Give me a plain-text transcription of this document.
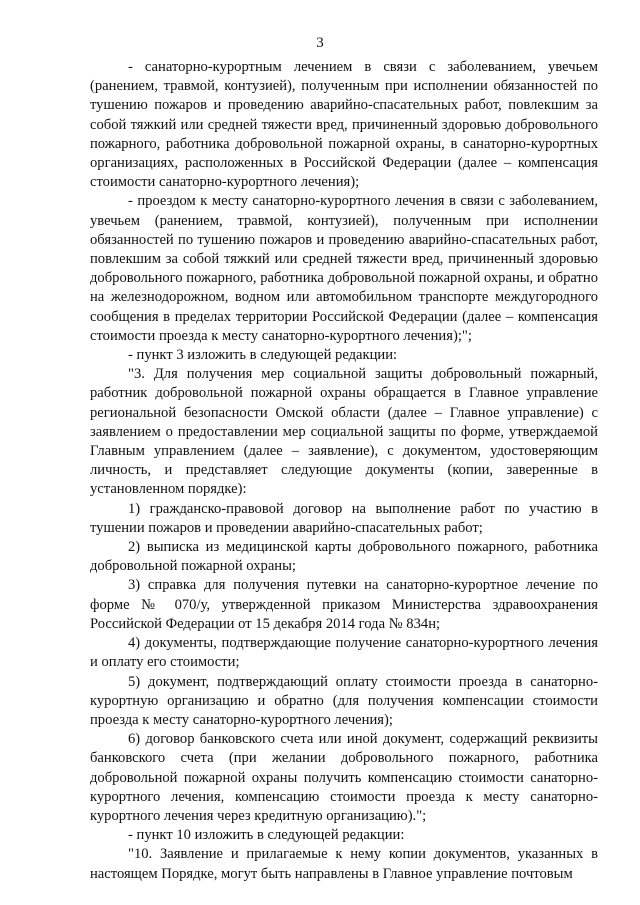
3

- санаторно-курортным лечением в связи с заболеванием, увечьем (ранением, травмой, контузией), полученным при исполнении обязанностей по тушению пожаров и проведению аварийно-спасательных работ, повлекшим за собой тяжкий или средней тяжести вред, причиненный здоровью добровольного пожарного, работника добровольной пожарной охраны, в санаторно-курортных организациях, расположенных в Российской Федерации (далее – компенсация стоимости санаторно-курортного лечения);

- проездом к месту санаторно-курортного лечения в связи с заболеванием, увечьем (ранением, травмой, контузией), полученным при исполнении обязанностей по тушению пожаров и проведению аварийно-спасательных работ, повлекшим за собой тяжкий или средней тяжести вред, причиненный здоровью добровольного пожарного, работника добровольной пожарной охраны, и обратно на железнодорожном, водном или автомобильном транспорте междугородного сообщения в пределах территории Российской Федерации (далее – компенсация стоимости проезда к месту санаторно-курортного лечения);";

- пункт 3 изложить в следующей редакции:

"3. Для получения мер социальной защиты добровольный пожарный, работник добровольной пожарной охраны обращается в Главное управление региональной безопасности Омской области (далее – Главное управление) с заявлением о предоставлении мер социальной защиты по форме, утверждаемой Главным управлением (далее – заявление), с документом, удостоверяющим личность, и представляет следующие документы (копии, заверенные в установленном порядке):

1) гражданско-правовой договор на выполнение работ по участию в тушении пожаров и проведении аварийно-спасательных работ;

2) выписка из медицинской карты добровольного пожарного, работника добровольной пожарной охраны;

3) справка для получения путевки на санаторно-курортное лечение по форме № 070/у, утвержденной приказом Министерства здравоохранения Российской Федерации от 15 декабря 2014 года № 834н;

4) документы, подтверждающие получение санаторно-курортного лечения и оплату его стоимости;

5) документ, подтверждающий оплату стоимости проезда в санаторно-курортную организацию и обратно (для получения компенсации стоимости проезда к месту санаторно-курортного лечения);

6) договор банковского счета или иной документ, содержащий реквизиты банковского счета (при желании добровольного пожарного, работника добровольной пожарной охраны получить компенсацию стоимости санаторно-курортного лечения, компенсацию стоимости проезда к месту санаторно-курортного лечения через кредитную организацию).";

- пункт 10 изложить в следующей редакции:

"10. Заявление и прилагаемые к нему копии документов, указанных в настоящем Порядке, могут быть направлены в Главное управление почтовым
